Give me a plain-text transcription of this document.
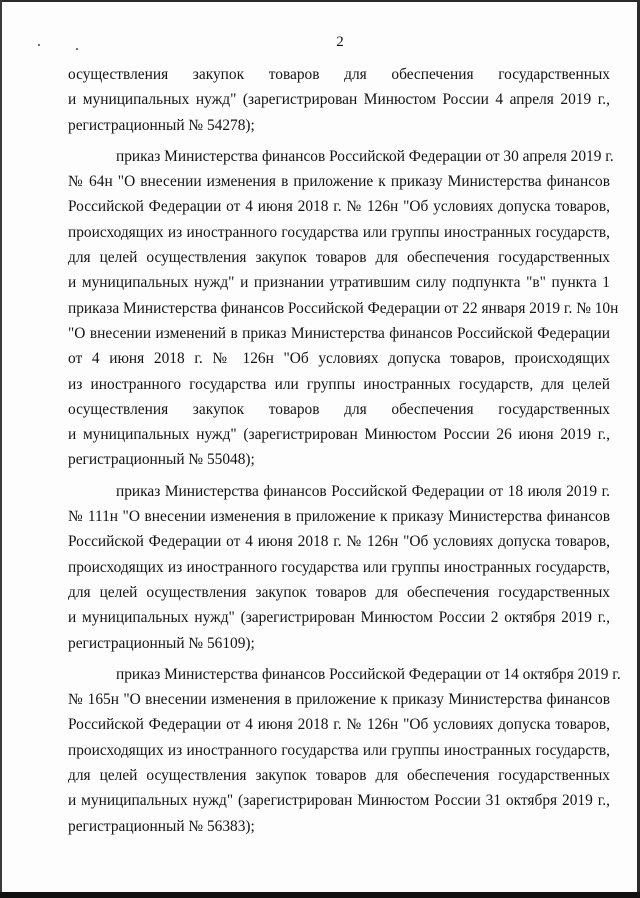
2
осуществления закупок товаров для обеспечения государственных
и муниципальных нужд" (зарегистрирован Минюстом России 4 апреля 2019 г.,
регистрационный № 54278);
приказ Министерства финансов Российской Федерации от 30 апреля 2019 г.
№ 64н "О внесении изменения в приложение к приказу Министерства финансов
Российской Федерации от 4 июня 2018 г. № 126н "Об условиях допуска товаров,
происходящих из иностранного государства или группы иностранных государств,
для целей осуществления закупок товаров для обеспечения государственных
и муниципальных нужд" и признании утратившим силу подпункта "в" пункта 1
приказа Министерства финансов Российской Федерации от 22 января 2019 г. № 10н
"О внесении изменений в приказ Министерства финансов Российской Федерации
от 4 июня 2018 г. № 126н "Об условиях допуска товаров, происходящих
из иностранного государства или группы иностранных государств, для целей
осуществления закупок товаров для обеспечения государственных
и муниципальных нужд" (зарегистрирован Минюстом России 26 июня 2019 г.,
регистрационный № 55048);
приказ Министерства финансов Российской Федерации от 18 июля 2019 г.
№ 111н "О внесении изменения в приложение к приказу Министерства финансов
Российской Федерации от 4 июня 2018 г. № 126н "Об условиях допуска товаров,
происходящих из иностранного государства или группы иностранных государств,
для целей осуществления закупок товаров для обеспечения государственных
и муниципальных нужд" (зарегистрирован Минюстом России 2 октября 2019 г.,
регистрационный № 56109);
приказ Министерства финансов Российской Федерации от 14 октября 2019 г.
№ 165н "О внесении изменения в приложение к приказу Министерства финансов
Российской Федерации от 4 июня 2018 г. № 126н "Об условиях допуска товаров,
происходящих из иностранного государства или группы иностранных государств,
для целей осуществления закупок товаров для обеспечения государственных
и муниципальных нужд" (зарегистрирован Минюстом России 31 октября 2019 г.,
регистрационный № 56383);
